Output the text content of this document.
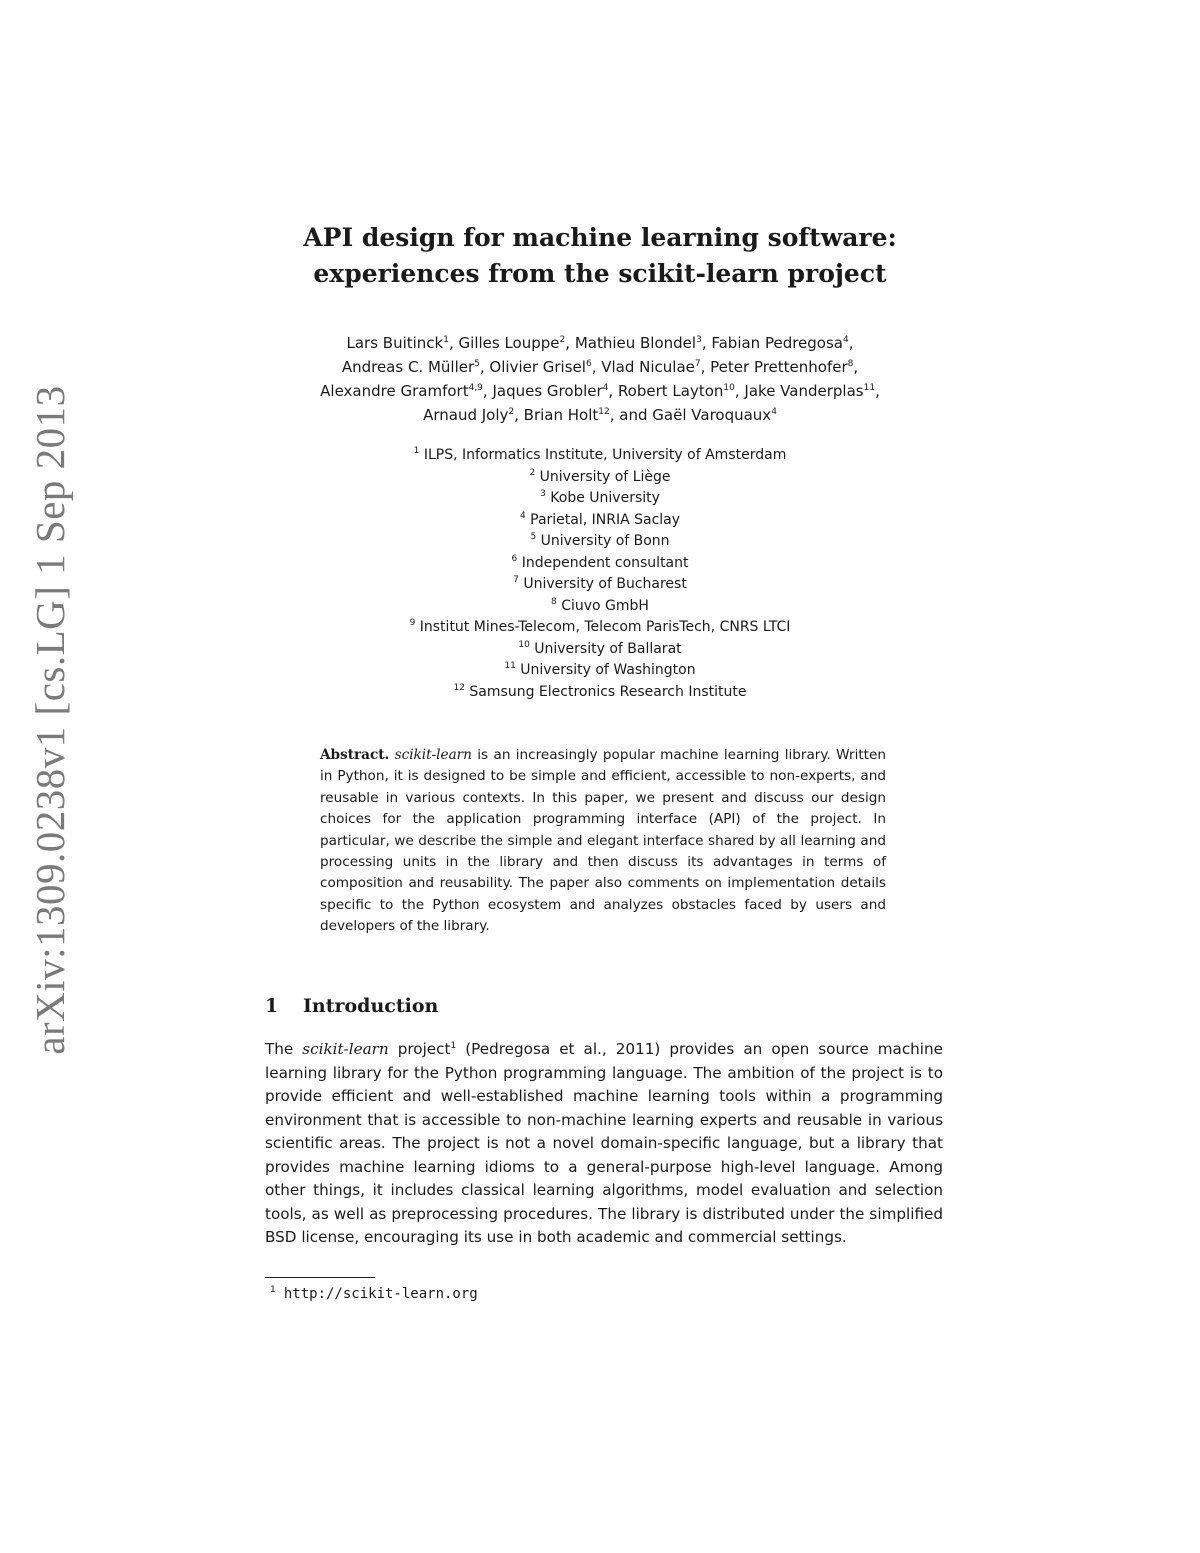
arXiv:1309.0238v1 [cs.LG] 1 Sep 2013
API design for machine learning software:
experiences from the scikit-learn project
Lars Buitinck$^1$, Gilles Louppe$^2$, Mathieu Blondel$^3$, Fabian Pedregosa$^4$,
Andreas C. Müller$^5$, Olivier Grisel$^6$, Vlad Niculae$^7$, Peter Prettenhofer$^8$,
Alexandre Gramfort$^{4,9}$, Jaques Grobler$^4$, Robert Layton$^{10}$, Jake Vanderplas$^{11}$,
Arnaud Joly$^2$, Brian Holt$^{12}$, and Gaël Varoquaux$^4$
$^1$ ILPS, Informatics Institute, University of Amsterdam
$^2$ University of Liège
$^3$ Kobe University
$^4$ Parietal, INRIA Saclay
$^5$ University of Bonn
$^6$ Independent consultant
$^7$ University of Bucharest
$^8$ Ciuvo GmbH
$^9$ Institut Mines-Telecom, Telecom ParisTech, CNRS LTCI
$^{10}$ University of Ballarat
$^{11}$ University of Washington
$^{12}$ Samsung Electronics Research Institute
Abstract. scikit-learn is an increasingly popular machine learning library. Written in Python, it is designed to be simple and efficient, accessible to non-experts, and reusable in various contexts. In this paper, we present and discuss our design choices for the application programming interface (API) of the project. In particular, we describe the simple and elegant interface shared by all learning and processing units in the library and then discuss its advantages in terms of composition and reusability. The paper also comments on implementation details specific to the Python ecosystem and analyzes obstacles faced by users and developers of the library.
1 Introduction
The scikit-learn project$^1$ (Pedregosa et al., 2011) provides an open source machine learning library for the Python programming language. The ambition of the project is to provide efficient and well-established machine learning tools within a programming environment that is accessible to non-machine learning experts and reusable in various scientific areas. The project is not a novel domain-specific language, but a library that provides machine learning idioms to a general-purpose high-level language. Among other things, it includes classical learning algorithms, model evaluation and selection tools, as well as preprocessing procedures. The library is distributed under the simplified BSD license, encouraging its use in both academic and commercial settings.
$^1$ http://scikit-learn.org
